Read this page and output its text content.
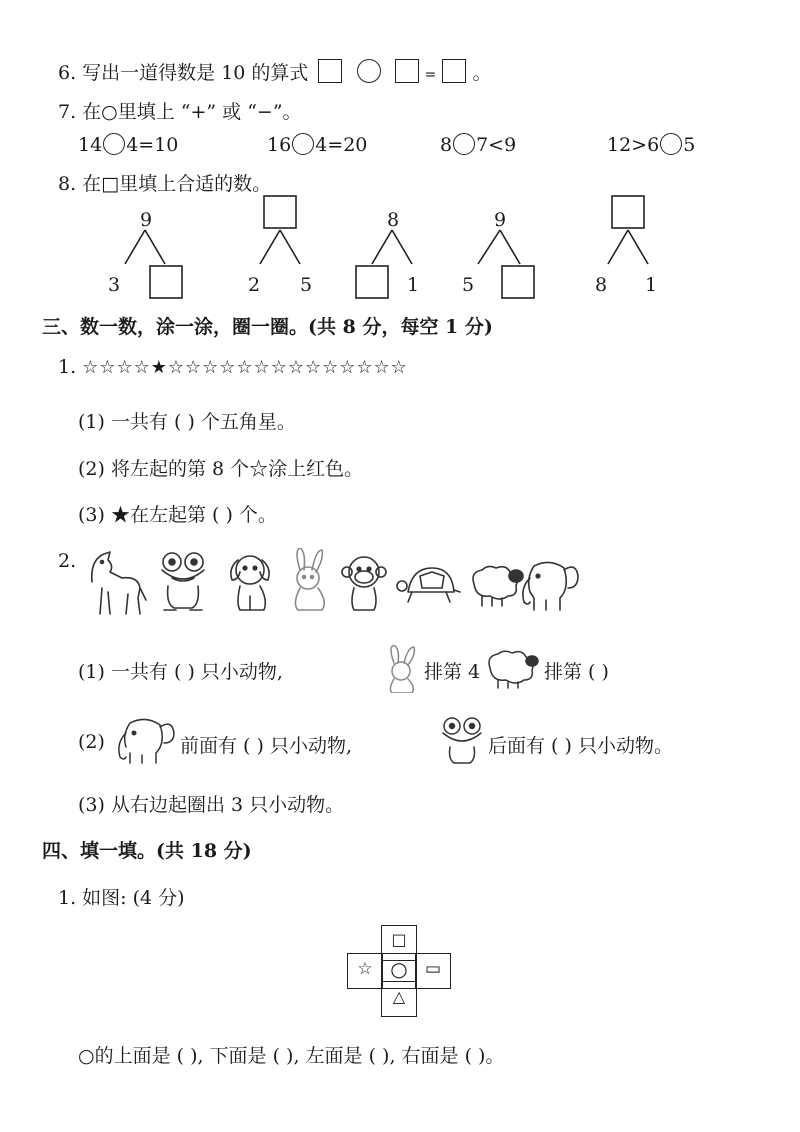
6. 写出一道得数是 10 的算式	= 。
7. 在○里填上 “+” 或 “−”。
14 4=10	16 4=20	8 7<9	12>6 5
8. 在□里填上合适的数。
9
3	2 5
8
1
9
5	8 1
三、数一数，涂一涂，圈一圈。(共 8 分，每空 1 分)
1. ☆☆☆☆★☆☆☆☆☆☆☆☆☆☆☆☆☆☆
(1) 一共有 ( ) 个五角星。
(2) 将左起的第 8 个☆涂上红色。
(3) ★在左起第 ( ) 个。
2.
(1) 一共有 ( ) 只小动物,	排第 4	排第 ( )
(2)	前面有 ( ) 只小动物,	后面有 ( ) 只小动物。
(3) 从右边起圈出 3 只小动物。
四、填一填。(共 18 分)
1. 如图: (4 分)
□
☆ ○	▭
△
○的上面是 ( ), 下面是 ( ), 左面是 ( ), 右面是 ( )。
